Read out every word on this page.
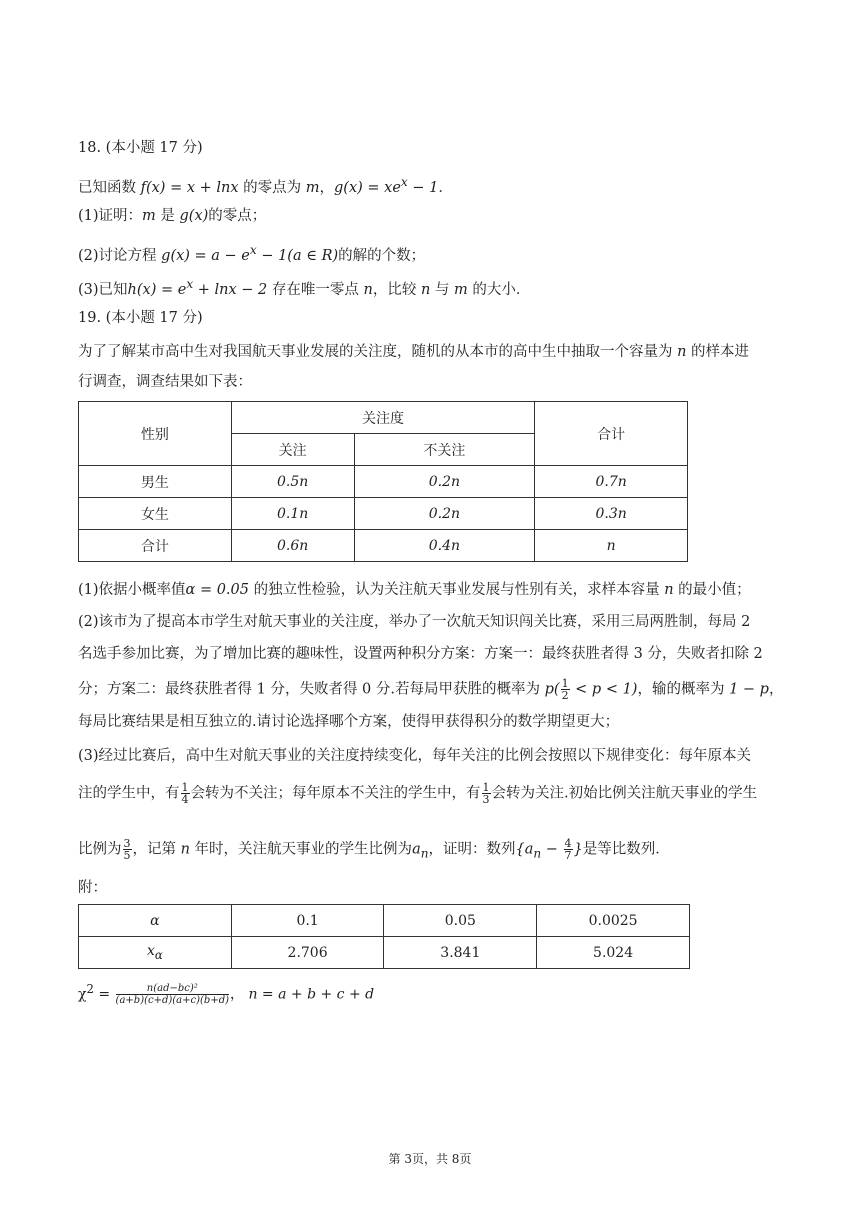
18. (本小题 17 分)
已知函数 f(x) = x + lnx 的零点为 m，$g(x) = xe^x - 1$．
(1)证明：m 是 g(x)的零点；
(2)讨论方程 $g(x) = a - e^x - 1(a$ ∈ R)的解的个数；
(3)已知$h(x) = e^x + \ln x - 2$ 存在唯一零点 n，比较 n 与 m 的大小．
19. (本小题 17 分)
为了了解某市高中生对我国航天事业发展的关注度，随机的从本市的高中生中抽取一个容量为 n 的样本进
行调查，调查结果如下表：
性别	关注度		合计
	关注	不关注	
男生	0.5n	0.2n	0.7n
女生	0.1n	0.2n	0.3n
合计	0.6n	0.4n	n
(1)依据小概率值α = 0.05 的独立性检验，认为关注航天事业发展与性别有关，求样本容量 n 的最小值；
(2)该市为了提高本市学生对航天事业的关注度，举办了一次航天知识闯关比赛，采用三局两胜制，每局 2
名选手参加比赛，为了增加比赛的趣味性，设置两种积分方案：方案一：最终获胜者得 3 分，失败者扣除 2
分；方案二：最终获胜者得 1 分，失败者得 0 分.若每局甲获胜的概率为 $p( \frac{1}{2} < p < 1)$，输的概率为 1 − p，
每局比赛结果是相互独立的.请讨论选择哪个方案，使得甲获得积分的数学期望更大；
(3)经过比赛后，高中生对航天事业的关注度持续变化，每年关注的比例会按照以下规律变化：每年原本关
注的学生中，有 $\frac{1}{4}$ 会转为不关注；每年原本不关注的学生中，有 $\frac{1}{3}$ 会转为关注.初始比例关注航天事业的学生
比例为 $\frac{3}{5}$ ，记第 n 年时，关注航天事业的学生比例为$a_n$，证明：数列{$a_n - \frac{4}{7}$ }是等比数列．
附：
α	0.1	0.05	0.0025
$x_\alpha$	2.706	3.841	5.024
$\chi^2 = \frac{\text{n(ad−bc)²}}{(a+b)(c+d)(a+c)(b+d)}$ ， n = a + b + c + d
第 3页，共 8页
